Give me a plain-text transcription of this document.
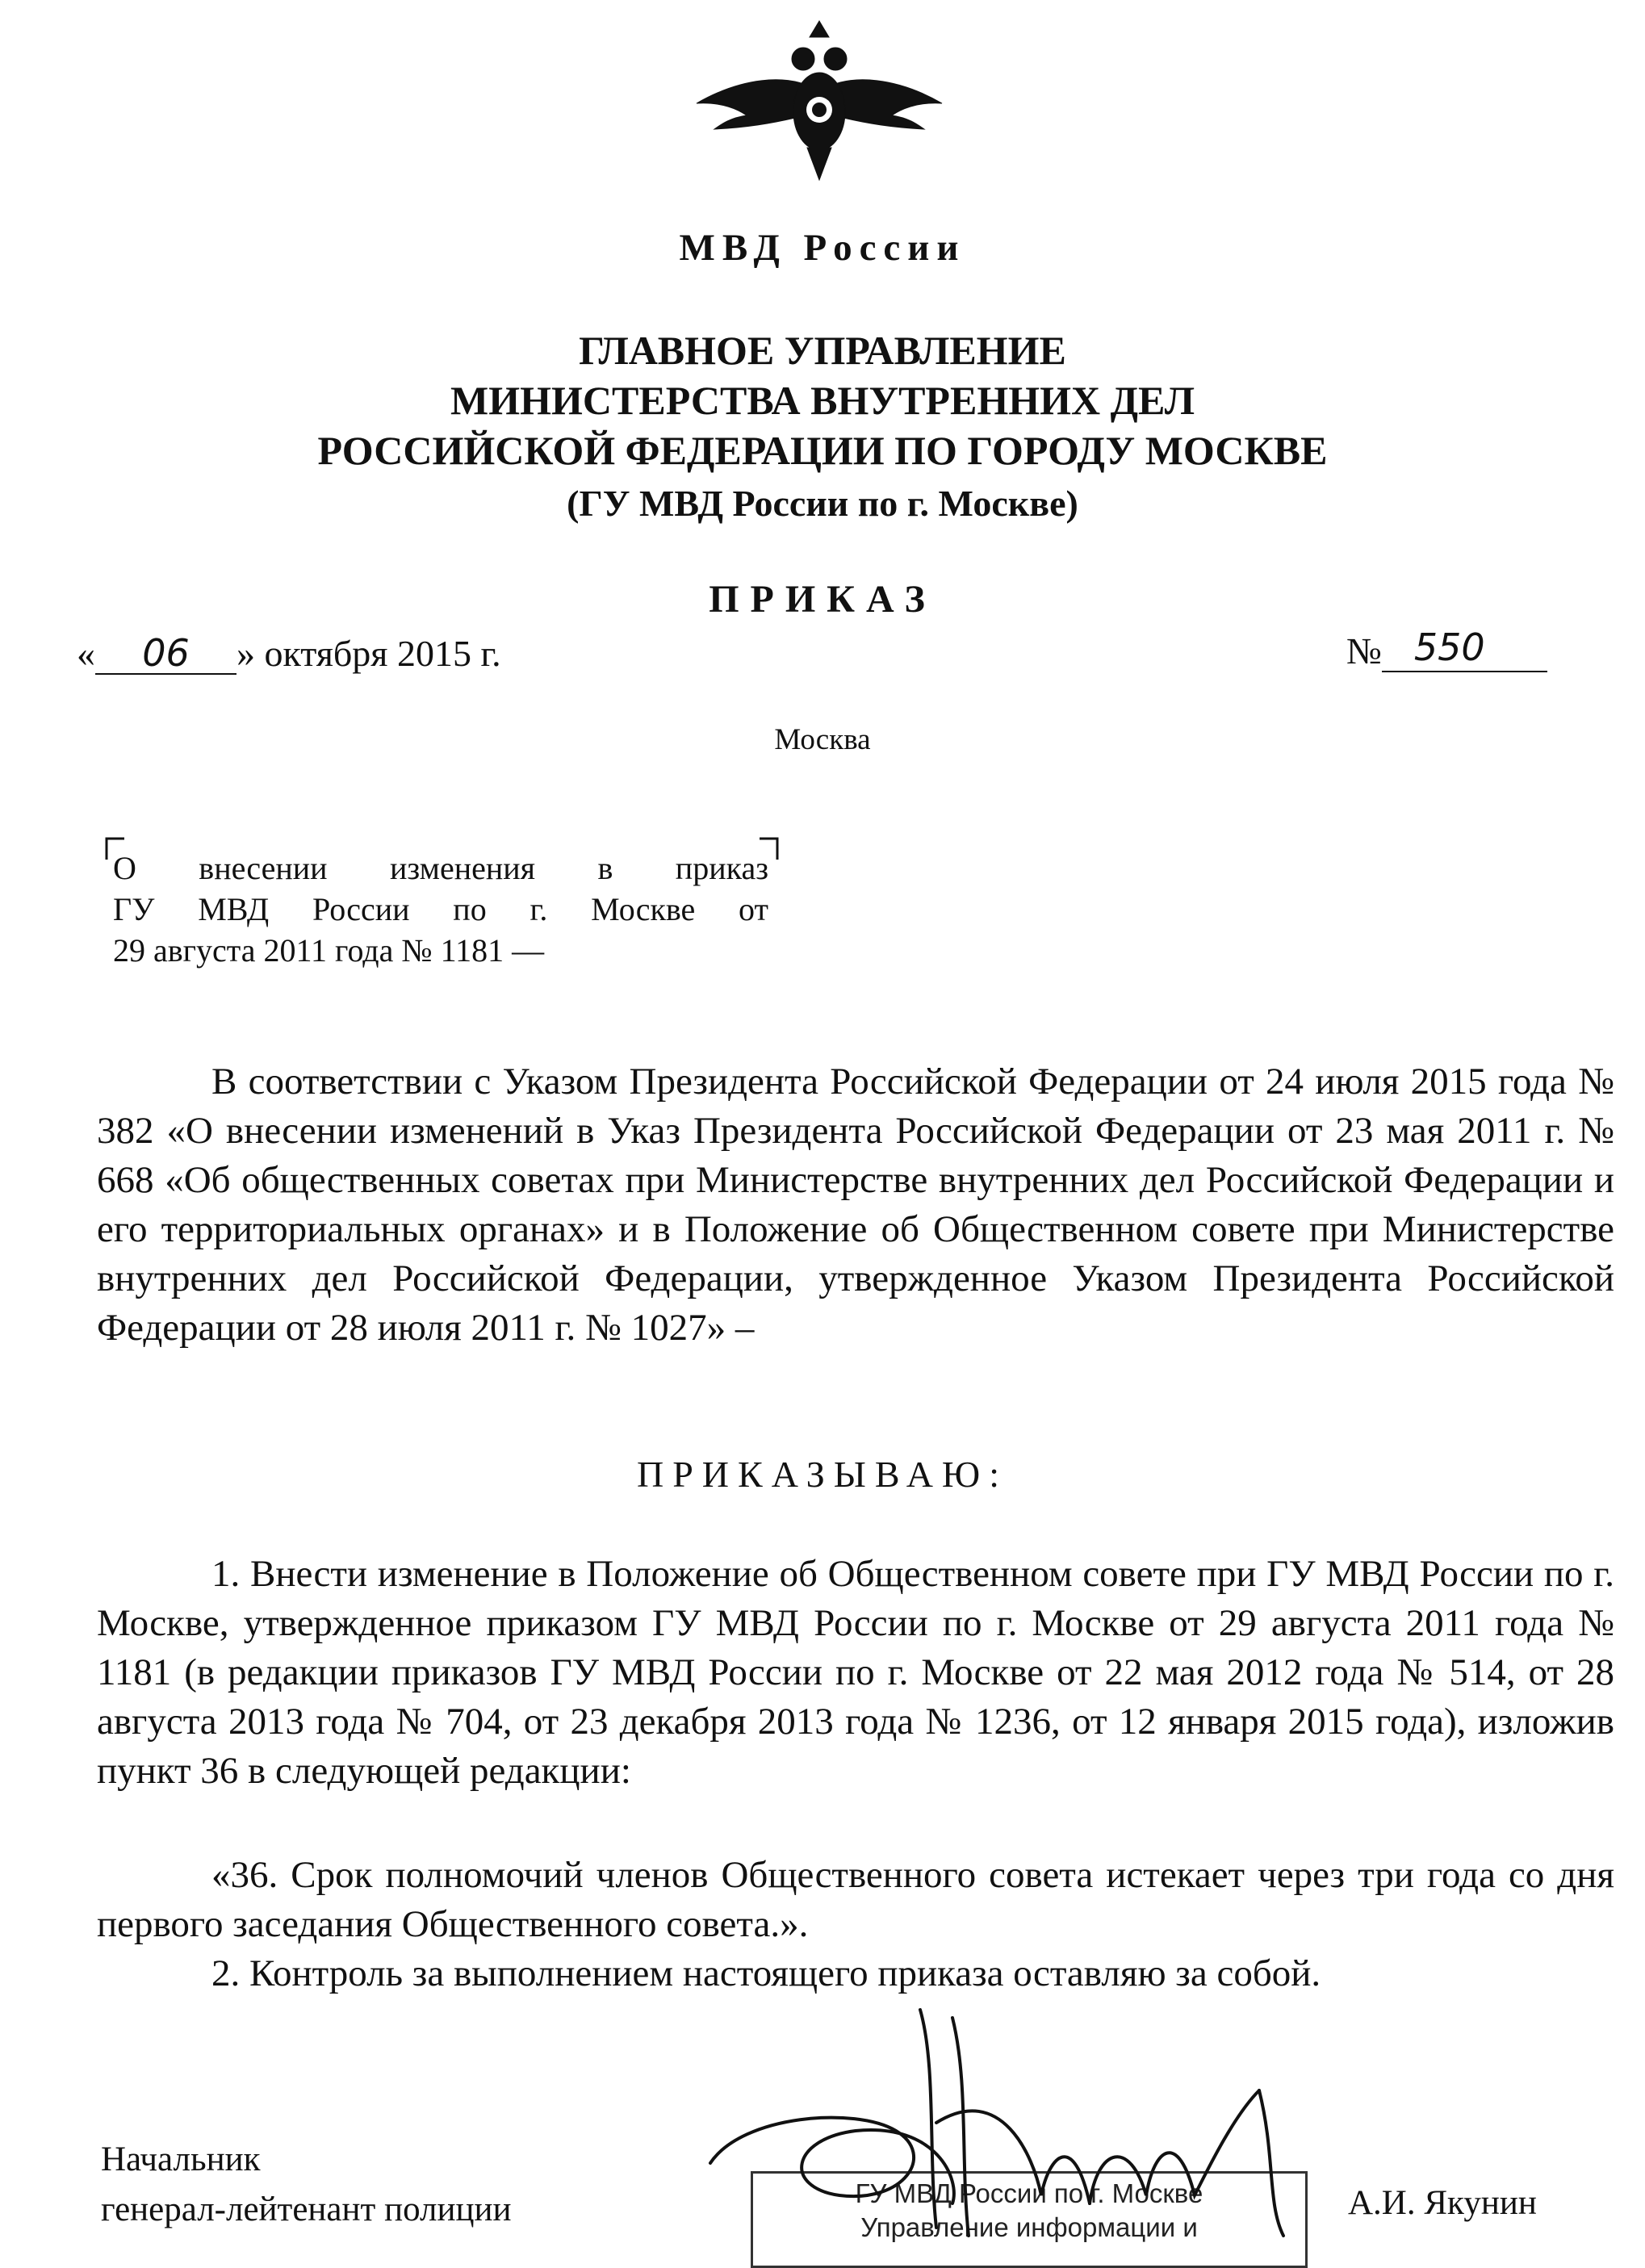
МВД России
ГЛАВНОЕ УПРАВЛЕНИЕ
МИНИСТЕРСТВА ВНУТРЕННИХ ДЕЛ
РОССИЙСКОЙ ФЕДЕРАЦИИ ПО ГОРОДУ МОСКВЕ
(ГУ МВД России по г. Москве)
ПРИКАЗ
« 06 » октября 2015 г.	№ 550
Москва
О внесении изменения в приказ
ГУ МВД России по г. Москве от
29 августа 2011 года № 1181 —

В соответствии с Указом Президента Российской Федерации от 24 июля 2015 года № 382 «О внесении изменений в Указ Президента Российской Федерации от 23 мая 2011 г. № 668 «Об общественных советах при Министерстве внутренних дел Российской Федерации и его территориальных органах» и в Положение об Общественном совете при Министерстве внутренних дел Российской Федерации, утвержденное Указом Президента Российской Федерации от 28 июля 2011 г. № 1027» –

ПРИКАЗЫВАЮ:

1. Внести изменение в Положение об Общественном совете при ГУ МВД России по г. Москве, утвержденное приказом ГУ МВД России по г. Москве от 29 августа 2011 года № 1181 (в редакции приказов ГУ МВД России по г. Москве от 22 мая 2012 года № 514, от 28 августа 2013 года № 704, от 23 декабря 2013 года № 1236, от 12 января 2015 года), изложив пункт 36 в следующей редакции:

«36. Срок полномочий членов Общественного совета истекает через три года со дня первого заседания Общественного совета.».

2. Контроль за выполнением настоящего приказа оставляю за собой.

Начальник
генерал-лейтенант полиции	ГУ МВД России по г. Москве
Управление информации и
А.И. Якунин
